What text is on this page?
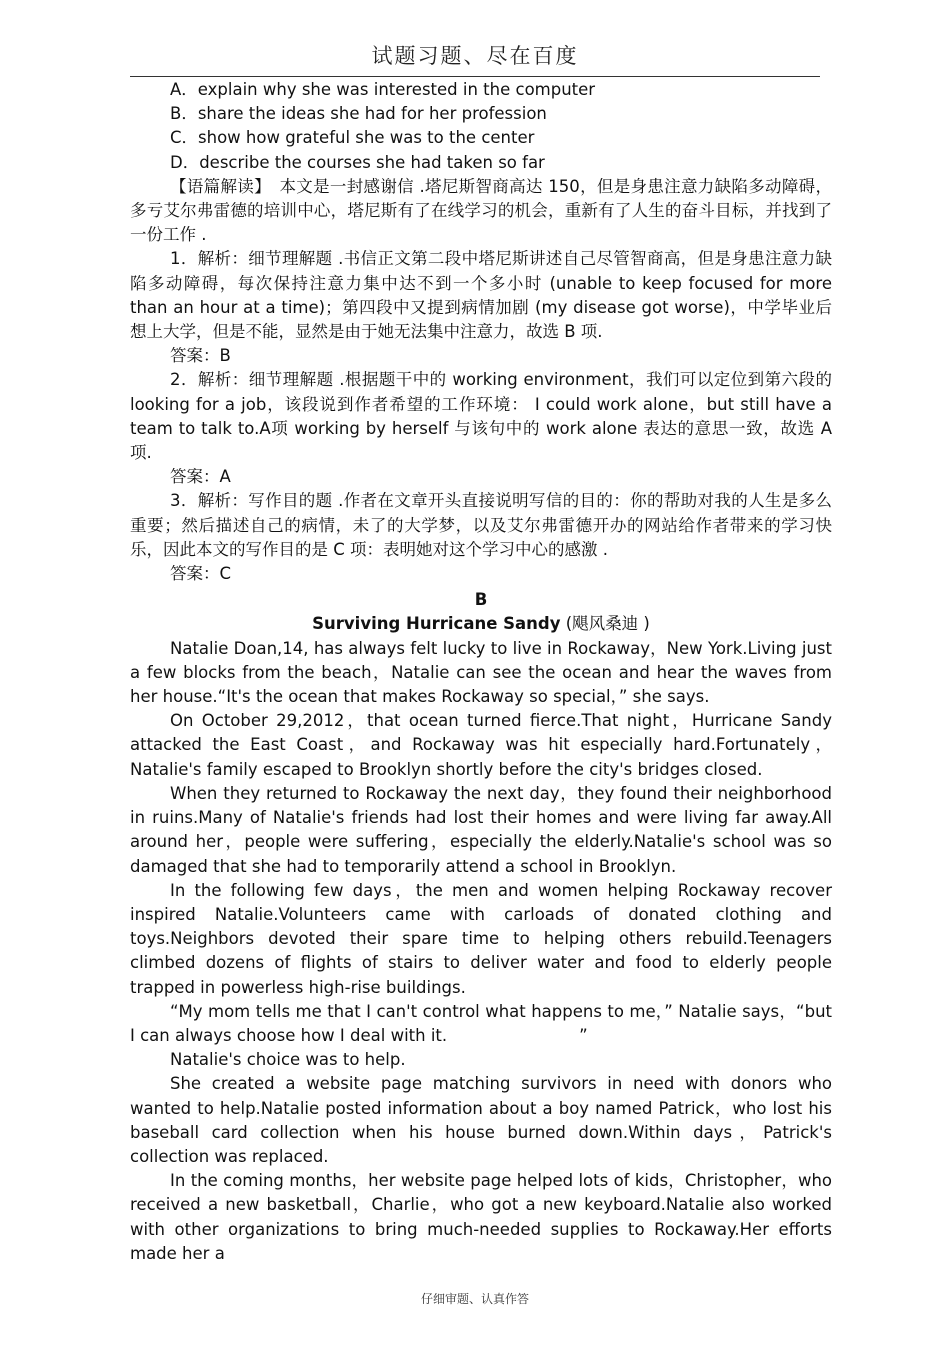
试题习题、尽在百度

A．explain why she was interested in the computer

B．share the ideas she had for her profession

C．show how grateful she was to the center

D．describe the courses she had taken so far

【语篇解读】　本文是一封感谢信 .塔尼斯智商高达 150，但是身患注意力缺陷多动障碍，多亏艾尔弗雷德的培训中心，塔尼斯有了在线学习的机会，重新有了人生的奋斗目标，并找到了一份工作 .

1．解析：细节理解题 .书信正文第二段中塔尼斯讲述自己尽管智商高，但是身患注意力缺陷多动障碍，每次保持注意力集中达不到一个多小时 (unable to keep focused for more than an hour at a time)；第四段中又提到病情加剧 (my disease got worse)，中学毕业后想上大学，但是不能，显然是由于她无法集中注意力，故选 B 项.

答案：B

2．解析：细节理解题 .根据题干中的 working environment，我们可以定位到第六段的 looking for a job，该段说到作者希望的工作环境： I could work alone，but still have a team to talk to.A项 working by herself 与该句中的 work alone 表达的意思一致，故选 A 项.

答案：A

3．解析：写作目的题 .作者在文章开头直接说明写信的目的：你的帮助对我的人生是多么重要；然后描述自己的病情，未了的大学梦，以及艾尔弗雷德开办的网站给作者带来的学习快乐，因此本文的写作目的是 C 项：表明她对这个学习中心的感激 .

答案：C

B

Surviving Hurricane Sandy (飓风桑迪 )

Natalie Doan,14, has always felt lucky to live in Rockaway，New York.Living just a few blocks from the beach，Natalie can see the ocean and hear the waves from her house.“It's the ocean that makes Rockaway so special，” she says.

On October 29,2012，that ocean turned fierce.That night，Hurricane Sandy attacked the East Coast，and Rockaway was hit especially hard.Fortunately，Natalie's family escaped to Brooklyn shortly before the city's bridges closed.

When they returned to Rockaway the next day，they found their neighborhood in ruins.Many of Natalie's friends had lost their homes and were living far away.All around her，people were suffering，especially the elderly.Natalie's school was so damaged that she had to temporarily attend a school in Brooklyn.

In the following few days，the men and women helping Rockaway recover inspired Natalie.Volunteers came with carloads of donated clothing and toys.Neighbors devoted their spare time to helping others rebuild.Teenagers climbed dozens of flights of stairs to deliver water and food to elderly people trapped in powerless high-rise buildings.

“My mom tells me that I can't control what happens to me，” Natalie says，“but I can always choose how I deal with it.　　　　　　　　”

Natalie's choice was to help.

She created a website page matching survivors in need with donors who wanted to help.Natalie posted information about a boy named Patrick，who lost his baseball card collection when his house burned down.Within days，Patrick's collection was replaced.

In the coming months，her website page helped lots of kids，Christopher，who received a new basketball，Charlie，who got a new keyboard.Natalie also worked with other organizations to bring much-needed supplies to Rockaway.Her efforts made her a

仔细审题、认真作答
